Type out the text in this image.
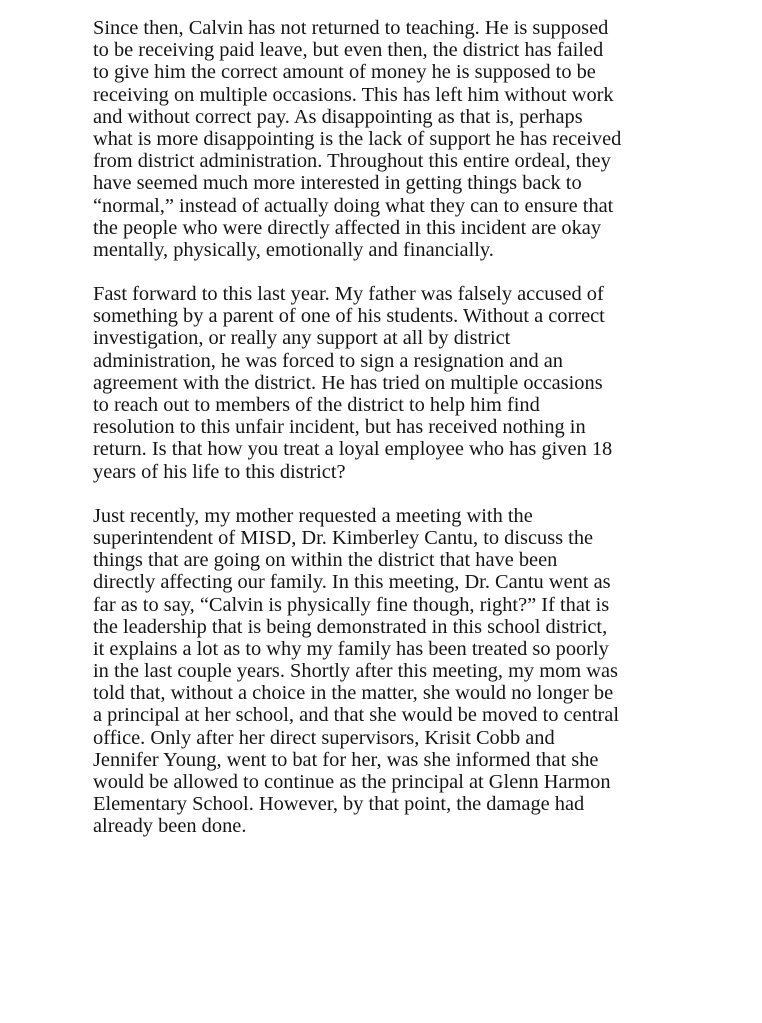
Since then, Calvin has not returned to teaching. He is supposed
to be receiving paid leave, but even then, the district has failed
to give him the correct amount of money he is supposed to be
receiving on multiple occasions. This has left him without work
and without correct pay. As disappointing as that is, perhaps
what is more disappointing is the lack of support he has received
from district administration. Throughout this entire ordeal, they
have seemed much more interested in getting things back to
“normal,” instead of actually doing what they can to ensure that
the people who were directly affected in this incident are okay
mentally, physically, emotionally and financially.

Fast forward to this last year. My father was falsely accused of
something by a parent of one of his students. Without a correct
investigation, or really any support at all by district
administration, he was forced to sign a resignation and an
agreement with the district. He has tried on multiple occasions
to reach out to members of the district to help him find
resolution to this unfair incident, but has received nothing in
return. Is that how you treat a loyal employee who has given 18
years of his life to this district?

Just recently, my mother requested a meeting with the
superintendent of MISD, Dr. Kimberley Cantu, to discuss the
things that are going on within the district that have been
directly affecting our family. In this meeting, Dr. Cantu went as
far as to say, “Calvin is physically fine though, right?” If that is
the leadership that is being demonstrated in this school district,
it explains a lot as to why my family has been treated so poorly
in the last couple years. Shortly after this meeting, my mom was
told that, without a choice in the matter, she would no longer be
a principal at her school, and that she would be moved to central
office. Only after her direct supervisors, Krisit Cobb and
Jennifer Young, went to bat for her, was she informed that she
would be allowed to continue as the principal at Glenn Harmon
Elementary School. However, by that point, the damage had
already been done.
